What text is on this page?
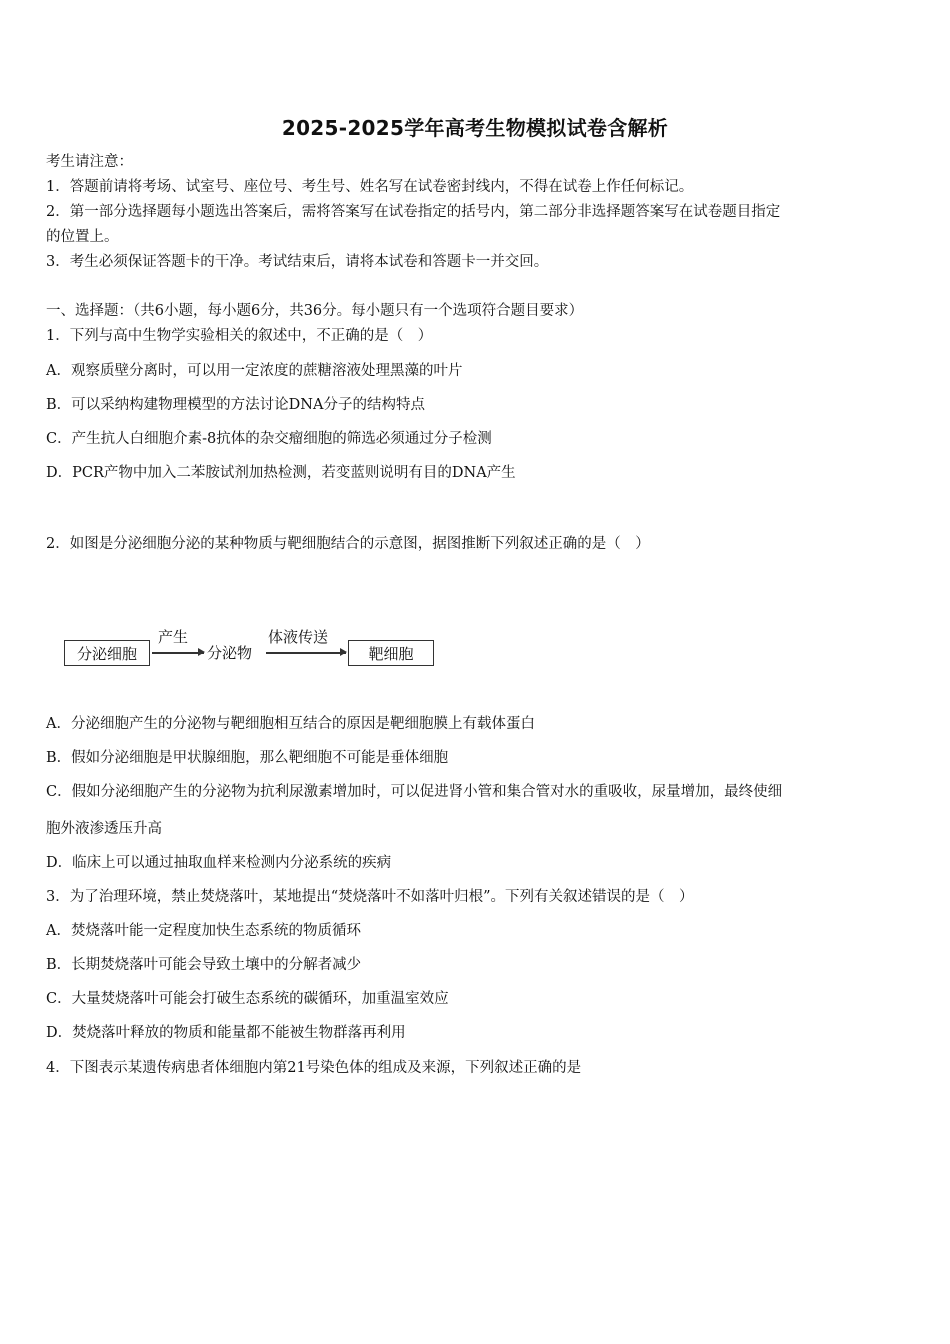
2025-2025学年高考生物模拟试卷含解析
考生请注意：
1．答题前请将考场、试室号、座位号、考生号、姓名写在试卷密封线内，不得在试卷上作任何标记。
2．第一部分选择题每小题选出答案后，需将答案写在试卷指定的括号内，第二部分非选择题答案写在试卷题目指定
的位置上。
3．考生必须保证答题卡的干净。考试结束后，请将本试卷和答题卡一并交回。
一、选择题：（共6小题，每小题6分，共36分。每小题只有一个选项符合题目要求）
1．下列与高中生物学实验相关的叙述中，不正确的是（　）
A．观察质壁分离时，可以用一定浓度的蔗糖溶液处理黑藻的叶片
B．可以采纳构建物理模型的方法讨论DNA分子的结构特点
C．产生抗人白细胞介素-8抗体的杂交瘤细胞的筛选必须通过分子检测
D．PCR产物中加入二苯胺试剂加热检测，若变蓝则说明有目的DNA产生
2．如图是分泌细胞分泌的某种物质与靶细胞结合的示意图，据图推断下列叙述正确的是（　）
分泌细胞
产生
分泌物
体液传送
靶细胞
A．分泌细胞产生的分泌物与靶细胞相互结合的原因是靶细胞膜上有载体蛋白
B．假如分泌细胞是甲状腺细胞，那么靶细胞不可能是垂体细胞
C．假如分泌细胞产生的分泌物为抗利尿激素增加时，可以促进肾小管和集合管对水的重吸收，尿量增加，最终使细
胞外液渗透压升高
D．临床上可以通过抽取血样来检测内分泌系统的疾病
3．为了治理环境，禁止焚烧落叶，某地提出“焚烧落叶不如落叶归根”。下列有关叙述错误的是（　）
A．焚烧落叶能一定程度加快生态系统的物质循环
B．长期焚烧落叶可能会导致土壤中的分解者减少
C．大量焚烧落叶可能会打破生态系统的碳循环，加重温室效应
D．焚烧落叶释放的物质和能量都不能被生物群落再利用
4．下图表示某遗传病患者体细胞内第21号染色体的组成及来源，下列叙述正确的是
